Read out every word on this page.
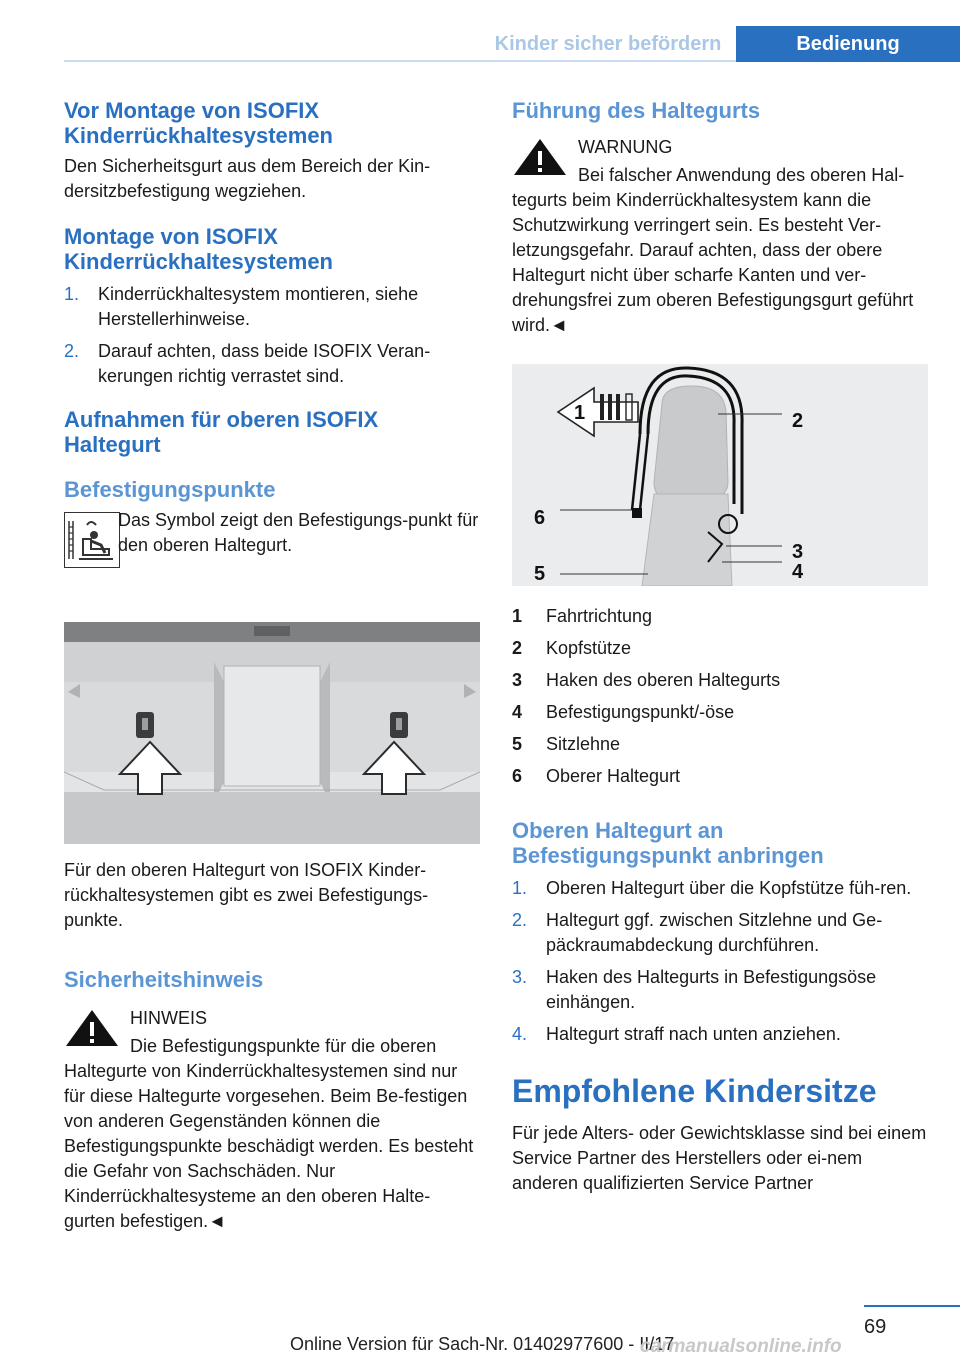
Kinder sicher befördern	Bedienung
Vor Montage von ISOFIX Kinderrückhaltesystemen

Den Sicherheitsgurt aus dem Bereich der Kin-dersitzbefestigung wegziehen.

Montage von ISOFIX Kinderrückhaltesystemen
1. Kinderrückhaltesystem montieren, siehe Herstellerhinweise.
2. Darauf achten, dass beide ISOFIX Veran-kerungen richtig verrastet sind.
Aufnahmen für oberen ISOFIX Haltegurt
Befestigungspunkte
Das Symbol zeigt den Befestigungs-punkt für den oberen Haltegurt.

Für den oberen Haltegurt von ISOFIX Kinder-rückhaltesystemen gibt es zwei Befestigungs-punkte.

Sicherheitshinweis
HINWEIS

Die Befestigungspunkte für die oberen Haltegurte von Kinderrückhaltesystemen sind nur für diese Haltegurte vorgesehen. Beim Be-festigen von anderen Gegenständen können die Befestigungspunkte beschädigt werden. Es besteht die Gefahr von Sachschäden. Nur Kinderrückhaltesysteme an den oberen Halte-gurten befestigen.◄

Führung des Haltegurts
WARNUNG

Bei falscher Anwendung des oberen Hal-tegurts beim Kinderrückhaltesystem kann die Schutzwirkung verringert sein. Es besteht Ver-letzungsgefahr. Darauf achten, dass der obere Haltegurt nicht über scharfe Kanten und ver-drehungsfrei zum oberen Befestigungsgurt geführt wird.◄

1	2
6
3
5	4
1	Fahrtrichtung
2	Kopfstütze
3	Haken des oberen Haltegurts
4	Befestigungspunkt/-öse
5	Sitzlehne
6	Oberer Haltegurt
Oberen Haltegurt an Befestigungspunkt anbringen
1. Oberen Haltegurt über die Kopfstütze füh-ren.
2. Haltegurt ggf. zwischen Sitzlehne und Ge-päckraumabdeckung durchführen.
3. Haken des Haltegurts in Befestigungsöse einhängen.
4. Haltegurt straff nach unten anziehen.
Empfohlene Kindersitze

Für jede Alters- oder Gewichtsklasse sind bei einem Service Partner des Herstellers oder ei-nem anderen qualifizierten Service Partner

69
Online Version für Sach-Nr. 01402977600 - II/17
carmanualsonline.info
